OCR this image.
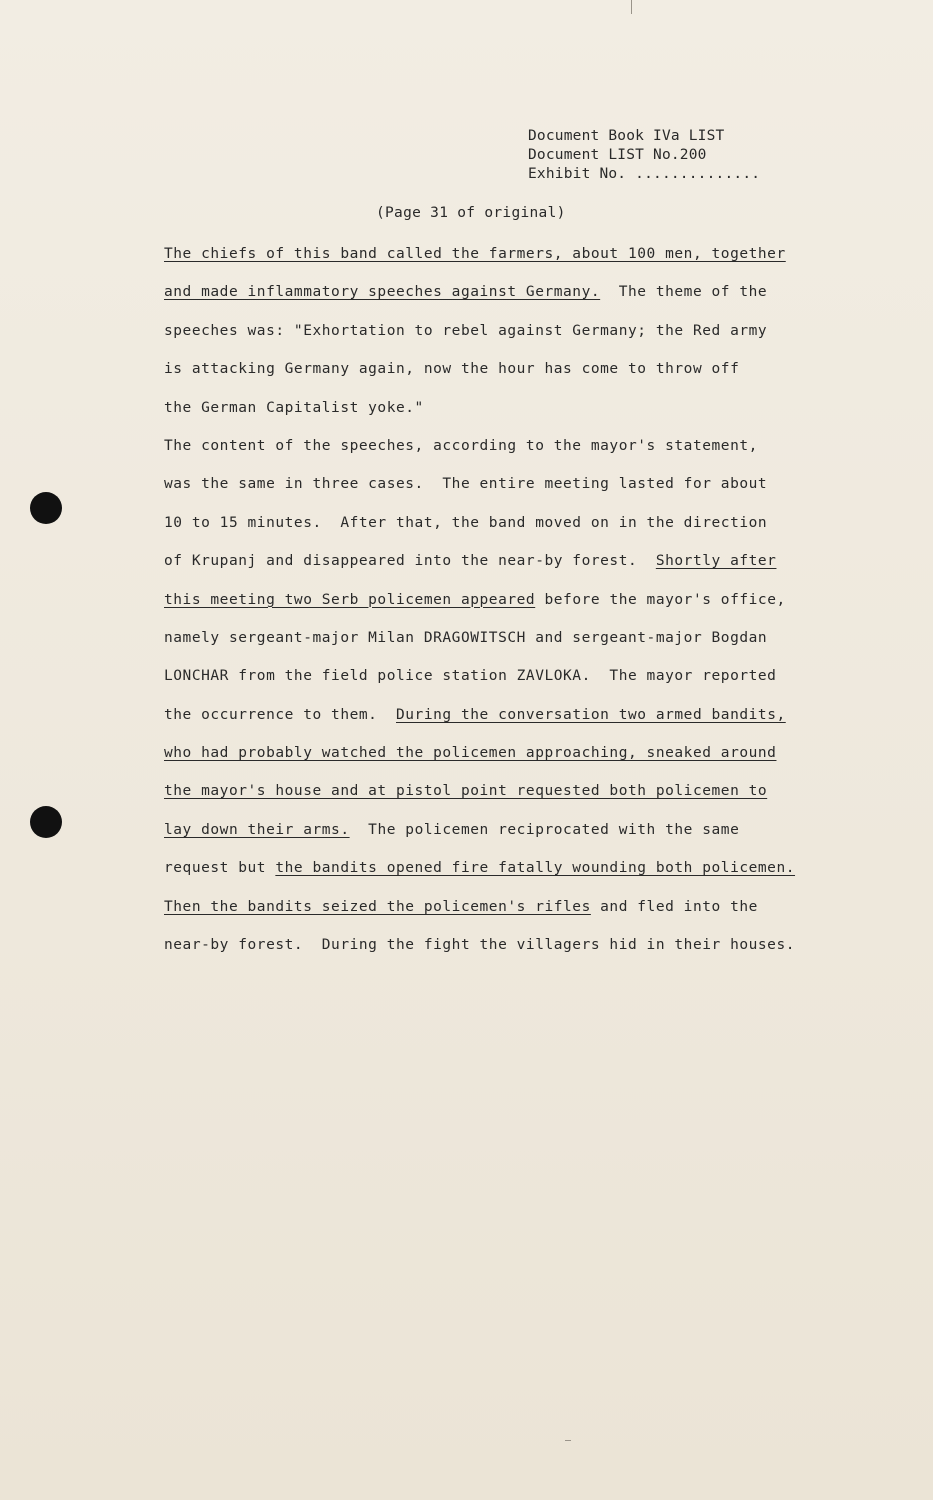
Document Book IVa LIST
Document LIST No.200
Exhibit No. ..............
(Page 31 of original)
The chiefs of this band called the farmers, about 100 men, together
and made inflammatory speeches against Germany.  The theme of the
speeches was: "Exhortation to rebel against Germany; the Red army
is attacking Germany again, now the hour has come to throw off
the German Capitalist yoke."
The content of the speeches, according to the mayor's statement,
was the same in three cases.  The entire meeting lasted for about
10 to 15 minutes.  After that, the band moved on in the direction
of Krupanj and disappeared into the near-by forest.  Shortly after
this meeting two Serb policemen appeared before the mayor's office,
namely sergeant-major Milan DRAGOWITSCH and sergeant-major Bogdan
LONCHAR from the field police station ZAVLOKA.  The mayor reported
the occurrence to them.  During the conversation two armed bandits,
who had probably watched the policemen approaching, sneaked around
the mayor's house and at pistol point requested both policemen to
lay down their arms.  The policemen reciprocated with the same
request but the bandits opened fire fatally wounding both policemen.
Then the bandits seized the policemen's rifles and fled into the
near-by forest.  During the fight the villagers hid in their houses.
